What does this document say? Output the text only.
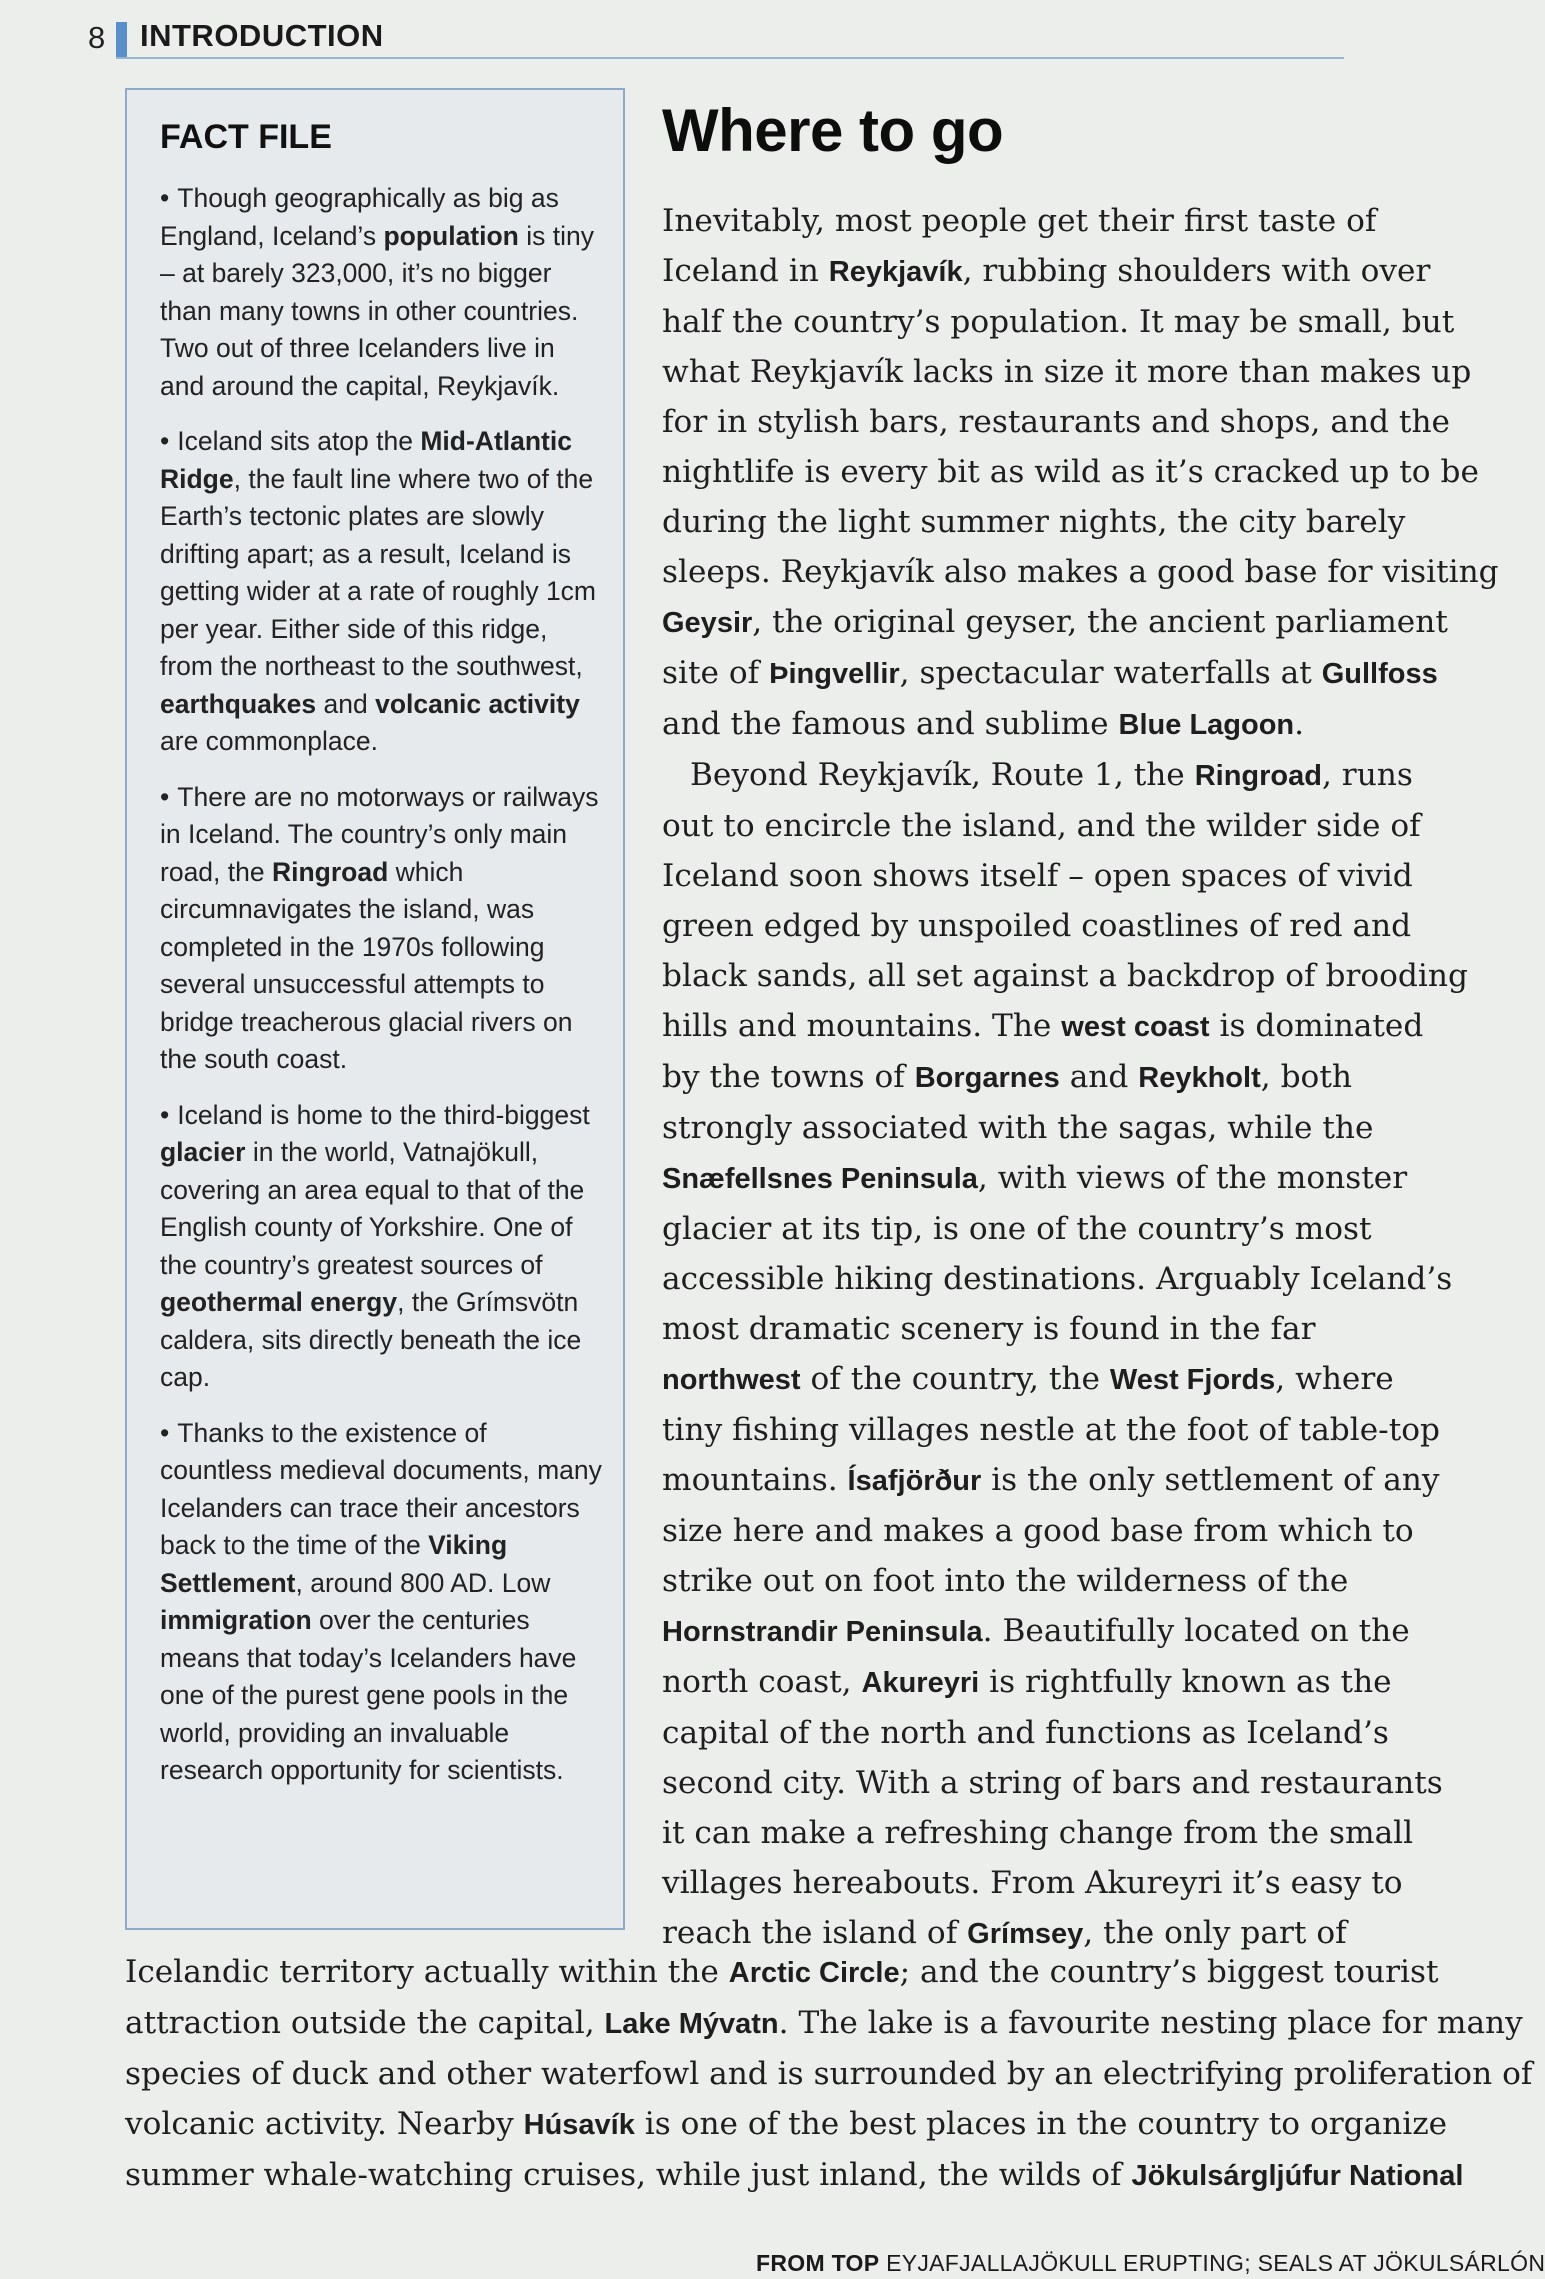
8 INTRODUCTION
FACT FILE
• Though geographically as big as England, Iceland’s population is tiny – at barely 323,000, it’s no bigger than many towns in other countries. Two out of three Icelanders live in and around the capital, Reykjavík.
• Iceland sits atop the Mid-Atlantic Ridge, the fault line where two of the Earth’s tectonic plates are slowly drifting apart; as a result, Iceland is getting wider at a rate of roughly 1cm per year. Either side of this ridge, from the northeast to the southwest, earthquakes and volcanic activity are commonplace.
• There are no motorways or railways in Iceland. The country’s only main road, the Ringroad which circumnavigates the island, was completed in the 1970s following several unsuccessful attempts to bridge treacherous glacial rivers on the south coast.
• Iceland is home to the third-biggest glacier in the world, Vatnajökull, covering an area equal to that of the English county of Yorkshire. One of the country’s greatest sources of geothermal energy, the Grímsvötn caldera, sits directly beneath the ice cap.
• Thanks to the existence of countless medieval documents, many Icelanders can trace their ancestors back to the time of the Viking Settlement, around 800 AD. Low immigration over the centuries means that today’s Icelanders have one of the purest gene pools in the world, providing an invaluable research opportunity for scientists.
Where to go

Inevitably, most people get their first taste of

Iceland in Reykjavík, rubbing shoulders with over

half the country’s population. It may be small, but

what Reykjavík lacks in size it more than makes up

for in stylish bars, restaurants and shops, and the

nightlife is every bit as wild as it’s cracked up to be

during the light summer nights, the city barely

sleeps. Reykjavík also makes a good base for visiting

Geysir, the original geyser, the ancient parliament

site of Þingvellir, spectacular waterfalls at Gullfoss

and the famous and sublime Blue Lagoon.

Beyond Reykjavík, Route 1, the Ringroad, runs

out to encircle the island, and the wilder side of

Iceland soon shows itself – open spaces of vivid

green edged by unspoiled coastlines of red and

black sands, all set against a backdrop of brooding

hills and mountains. The west coast is dominated

by the towns of Borgarnes and Reykholt, both

strongly associated with the sagas, while the

Snæfellsnes Peninsula, with views of the monster

glacier at its tip, is one of the country’s most

accessible hiking destinations. Arguably Iceland’s

most dramatic scenery is found in the far

northwest of the country, the West Fjords, where

tiny fishing villages nestle at the foot of table-top

mountains. Ísafjörður is the only settlement of any

size here and makes a good base from which to

strike out on foot into the wilderness of the

Hornstrandir Peninsula. Beautifully located on the

north coast, Akureyri is rightfully known as the

capital of the north and functions as Iceland’s

second city. With a string of bars and restaurants

it can make a refreshing change from the small

villages hereabouts. From Akureyri it’s easy to

reach the island of Grímsey, the only part of

Icelandic territory actually within the Arctic Circle; and the country’s biggest tourist

attraction outside the capital, Lake Mývatn. The lake is a favourite nesting place for many

species of duck and other waterfowl and is surrounded by an electrifying proliferation of

volcanic activity. Nearby Húsavík is one of the best places in the country to organize

summer whale-watching cruises, while just inland, the wilds of Jökulsárgljúfur National

FROM TOP EYJAFJALLAJÖKULL ERUPTING; SEALS AT JÖKULSÁRLÓN
